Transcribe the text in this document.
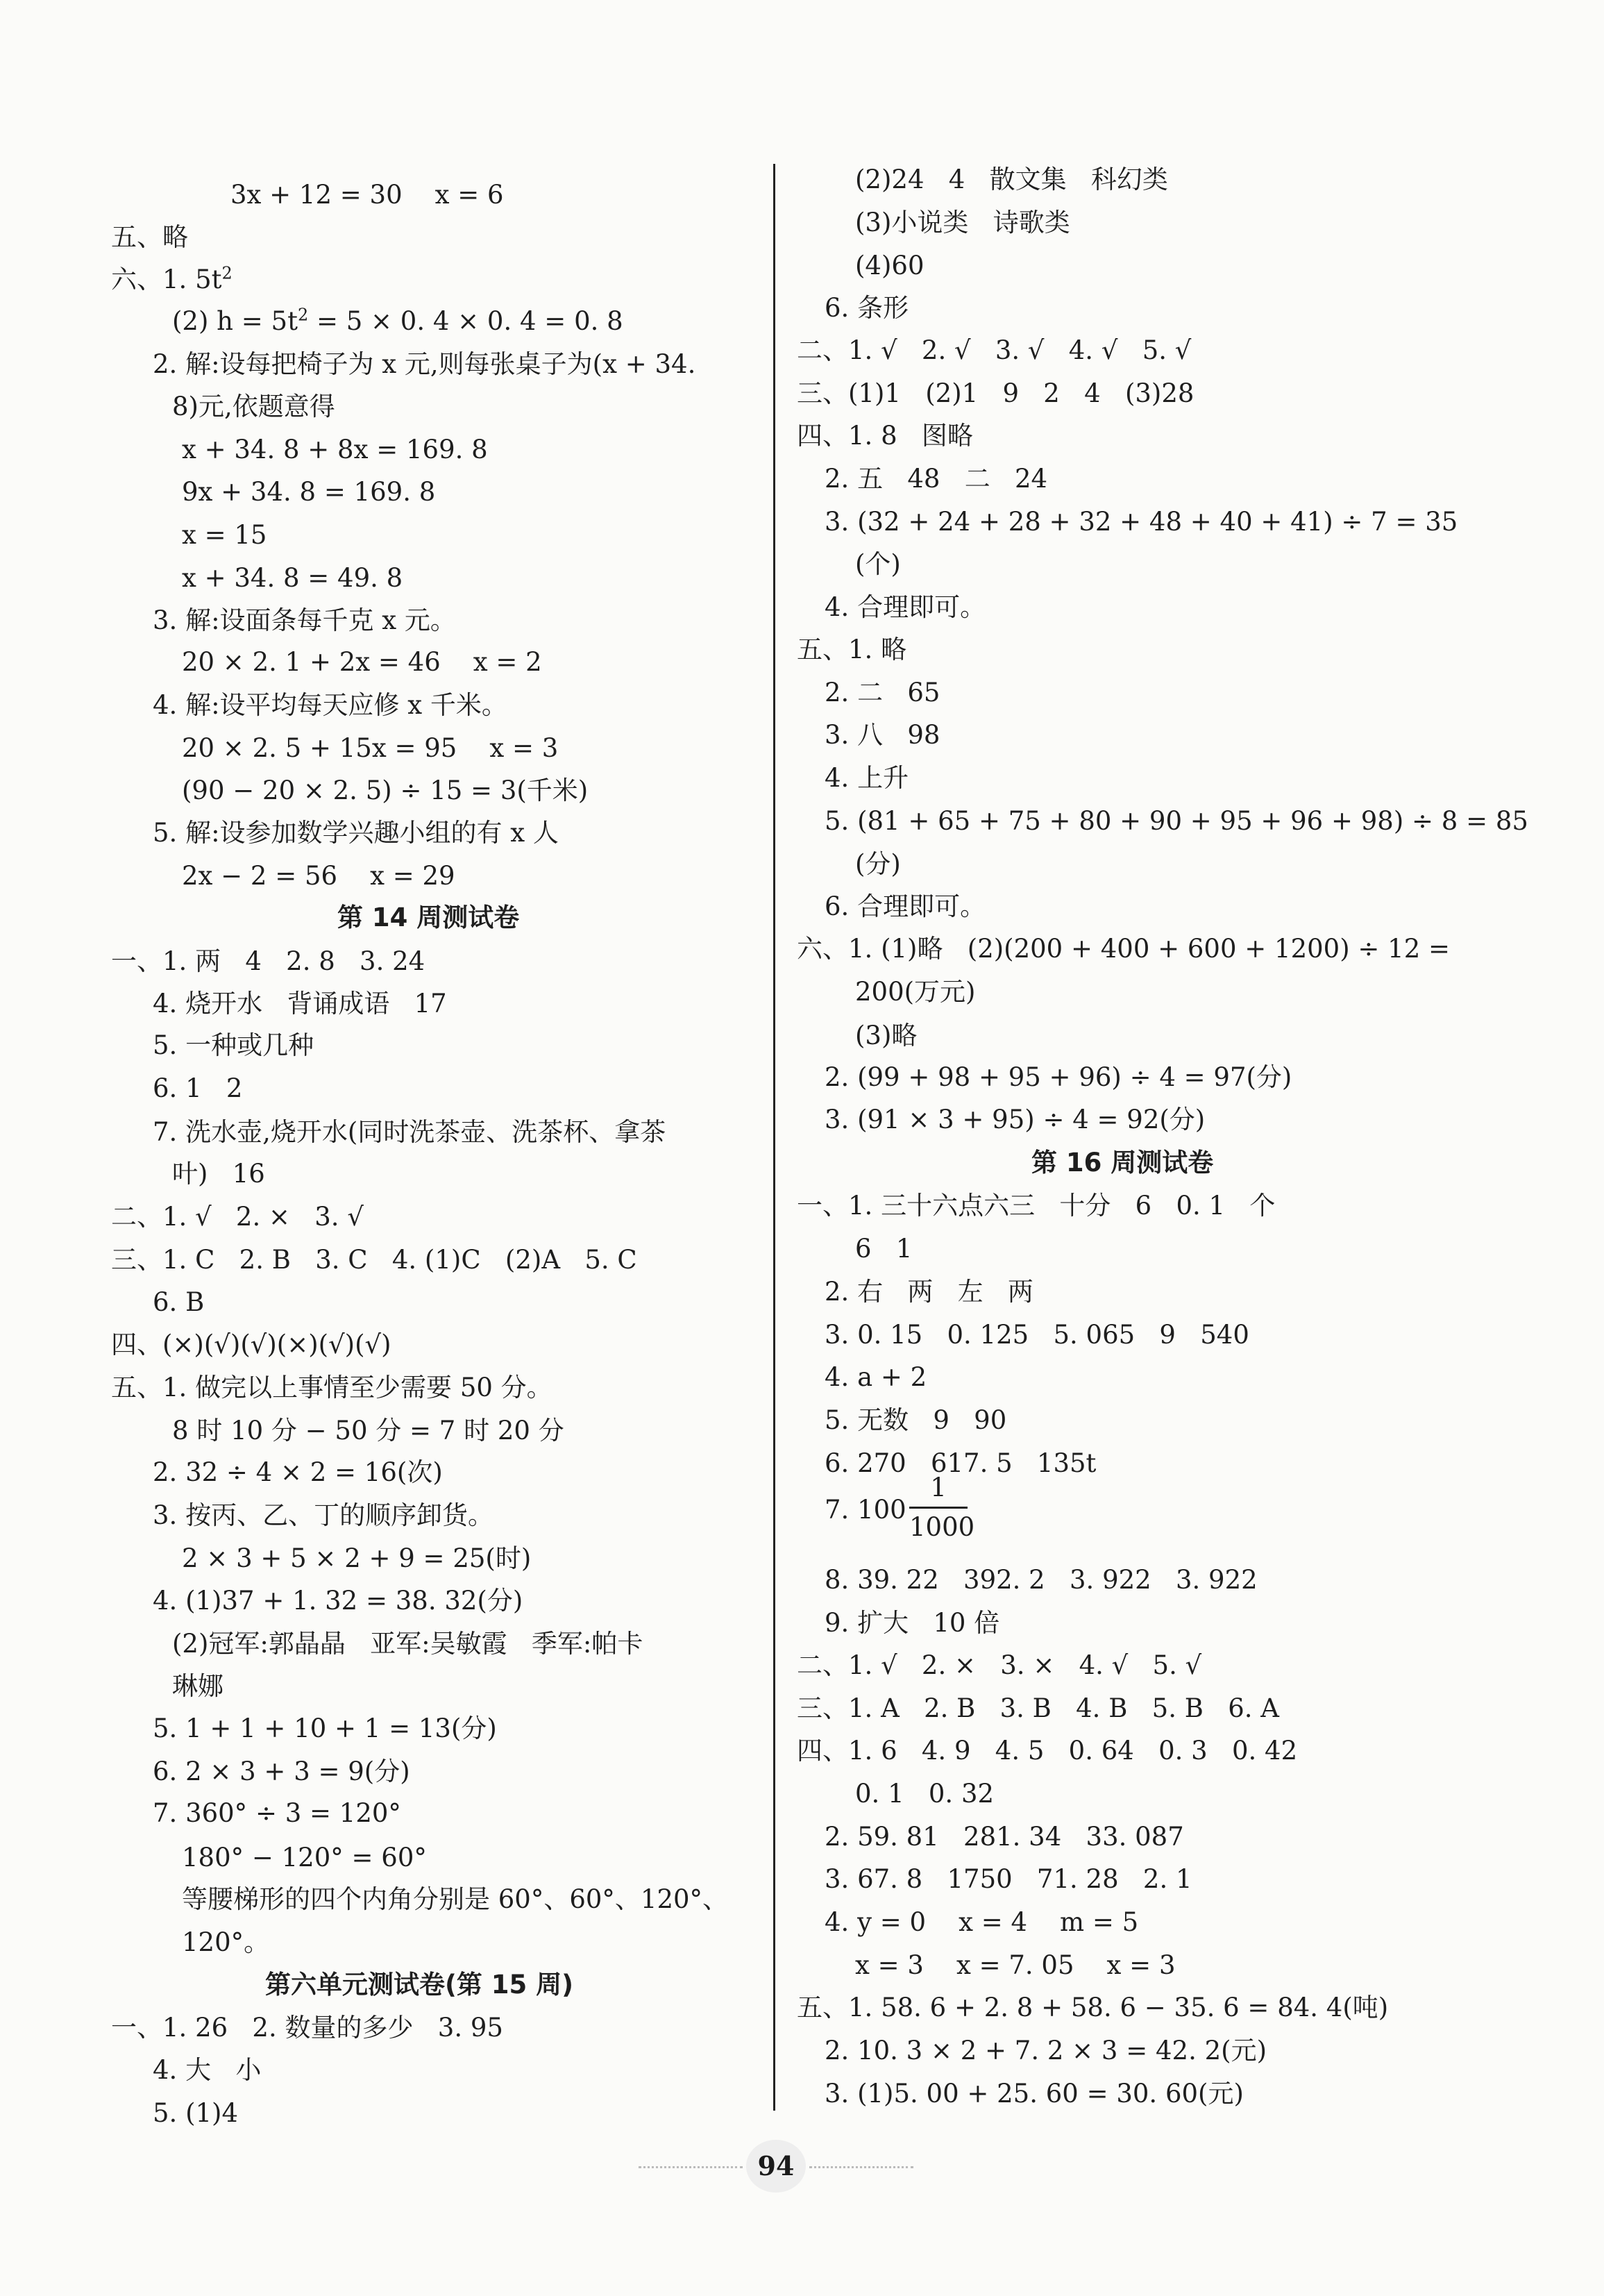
3x + 12 = 30    x = 6
五、略
六、1. $5t^2$
(2) $h = 5t^2 = 5 \times 0$. 4 × 0. 4 = 0. 8
2. 解:设每把椅子为 x 元,则每张桌子为(x + 34.
8)元,依题意得
x + 34. 8 + 8x = 169. 8
9x + 34. 8 = 169. 8
x = 15
x + 34. 8 = 49. 8
3. 解:设面条每千克 x 元。
20 × 2. 1 + 2x = 46    x = 2
4. 解:设平均每天应修 x 千米。
20 × 2. 5 + 15x = 95    x = 3
(90 − 20 × 2. 5) ÷ 15 = 3(千米)
5. 解:设参加数学兴趣小组的有 x 人
2x − 2 = 56    x = 29
第 14 周测试卷
一、1. 两   4   2. 8   3. 24
4. 烧开水   背诵成语   17
5. 一种或几种
6. 1   2
7. 洗水壶,烧开水(同时洗茶壶、洗茶杯、拿茶
叶)   16
二、1. √   2. ×   3. √
三、1. C   2. B   3. C   4. (1)C   (2)A   5. C
6. B
四、(×)(√)(√)(×)(√)(√)
五、1. 做完以上事情至少需要 50 分。
8 时 10 分 − 50 分 = 7 时 20 分
2. 32 ÷ 4 × 2 = 16(次)
3. 按丙、乙、丁的顺序卸货。
2 × 3 + 5 × 2 + 9 = 25(时)
4. (1)37 + 1. 32 = 38. 32(分)
(2)冠军:郭晶晶   亚军:吴敏霞   季军:帕卡
琳娜
5. 1 + 1 + 10 + 1 = 13(分)
6. 2 × 3 + 3 = 9(分)
7. 360° ÷ 3 = 120°
180° − 120° = 60°
等腰梯形的四个内角分别是 60°、60°、120°、
120°。
第六单元测试卷(第 15 周)
一、1. 26   2. 数量的多少   3. 95
4. 大   小
5. (1)4
(2)24   4   散文集   科幻类
(3)小说类   诗歌类
(4)60
6. 条形
二、1. √   2. √   3. √   4. √   5. √
三、(1)1   (2)1   9   2   4   (3)28
四、1. 8   图略
2. 五   48   二   24
3. (32 + 24 + 28 + 32 + 48 + 40 + 41) ÷ 7 = 35
(个)
4. 合理即可。
五、1. 略
2. 二   65
3. 八   98
4. 上升
5. (81 + 65 + 75 + 80 + 90 + 95 + 96 + 98) ÷ 8 = 85
(分)
6. 合理即可。
六、1. (1)略   (2)(200 + 400 + 600 + 1200) ÷ 12 =
200(万元)
(3)略
2. (99 + 98 + 95 + 96) ÷ 4 = 97(分)
3. (91 × 3 + 95) ÷ 4 = 92(分)
第 16 周测试卷
一、1. 三十六点六三   十分   6   0. 1   个
6   1
2. 右   两   左   两
3. 0. 15   0. 125   5. 065   9   540
4. a + 2
5. 无数   9   90
6. 270   617. 5   135t
7. 100
1
1000
8. 39. 22   392. 2   3. 922   3. 922
9. 扩大   10 倍
二、1. √   2. ×   3. ×   4. √   5. √
三、1. A   2. B   3. B   4. B   5. B   6. A
四、1. 6   4. 9   4. 5   0. 64   0. 3   0. 42
0. 1   0. 32
2. 59. 81   281. 34   33. 087
3. 67. 8   1750   71. 28   2. 1
4. y = 0    x = 4    m = 5
x = 3    x = 7. 05    x = 3
五、1. 58. 6 + 2. 8 + 58. 6 − 35. 6 = 84. 4(吨)
2. 10. 3 × 2 + 7. 2 × 3 = 42. 2(元)
3. (1)5. 00 + 25. 60 = 30. 60(元)
94
